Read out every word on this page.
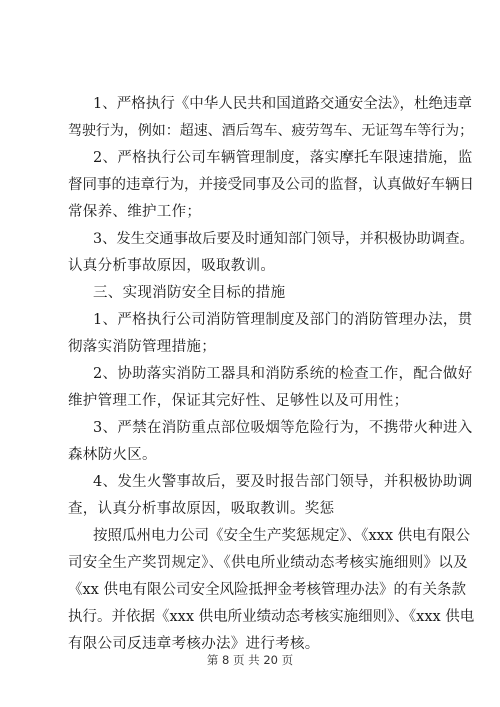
1、严格执行《中华人民共和国道路交通安全法》，杜绝违章
驾驶行为，例如：超速、酒后驾车、疲劳驾车、无证驾车等行为；
2、严格执行公司车辆管理制度，落实摩托车限速措施，监
督同事的违章行为，并接受同事及公司的监督，认真做好车辆日
常保养、维护工作；
3、发生交通事故后要及时通知部门领导，并积极协助调查。
认真分析事故原因，吸取教训。
三、实现消防安全目标的措施
1、严格执行公司消防管理制度及部门的消防管理办法，贯
彻落实消防管理措施；
2、协助落实消防工器具和消防系统的检查工作，配合做好
维护管理工作，保证其完好性、足够性以及可用性；
3、严禁在消防重点部位吸烟等危险行为，不携带火种进入
森林防火区。
4、发生火警事故后，要及时报告部门领导，并积极协助调
查，认真分析事故原因，吸取教训。奖惩
按照瓜州电力公司《安全生产奖惩规定》、《xxx 供电有限公
司安全生产奖罚规定》、《供电所业绩动态考核实施细则》以及
《xx 供电有限公司安全风险抵押金考核管理办法》的有关条款
执行。并依据《xxx 供电所业绩动态考核实施细则》、《xxx 供电
有限公司反违章考核办法》进行考核。
第 8 页 共 20 页
